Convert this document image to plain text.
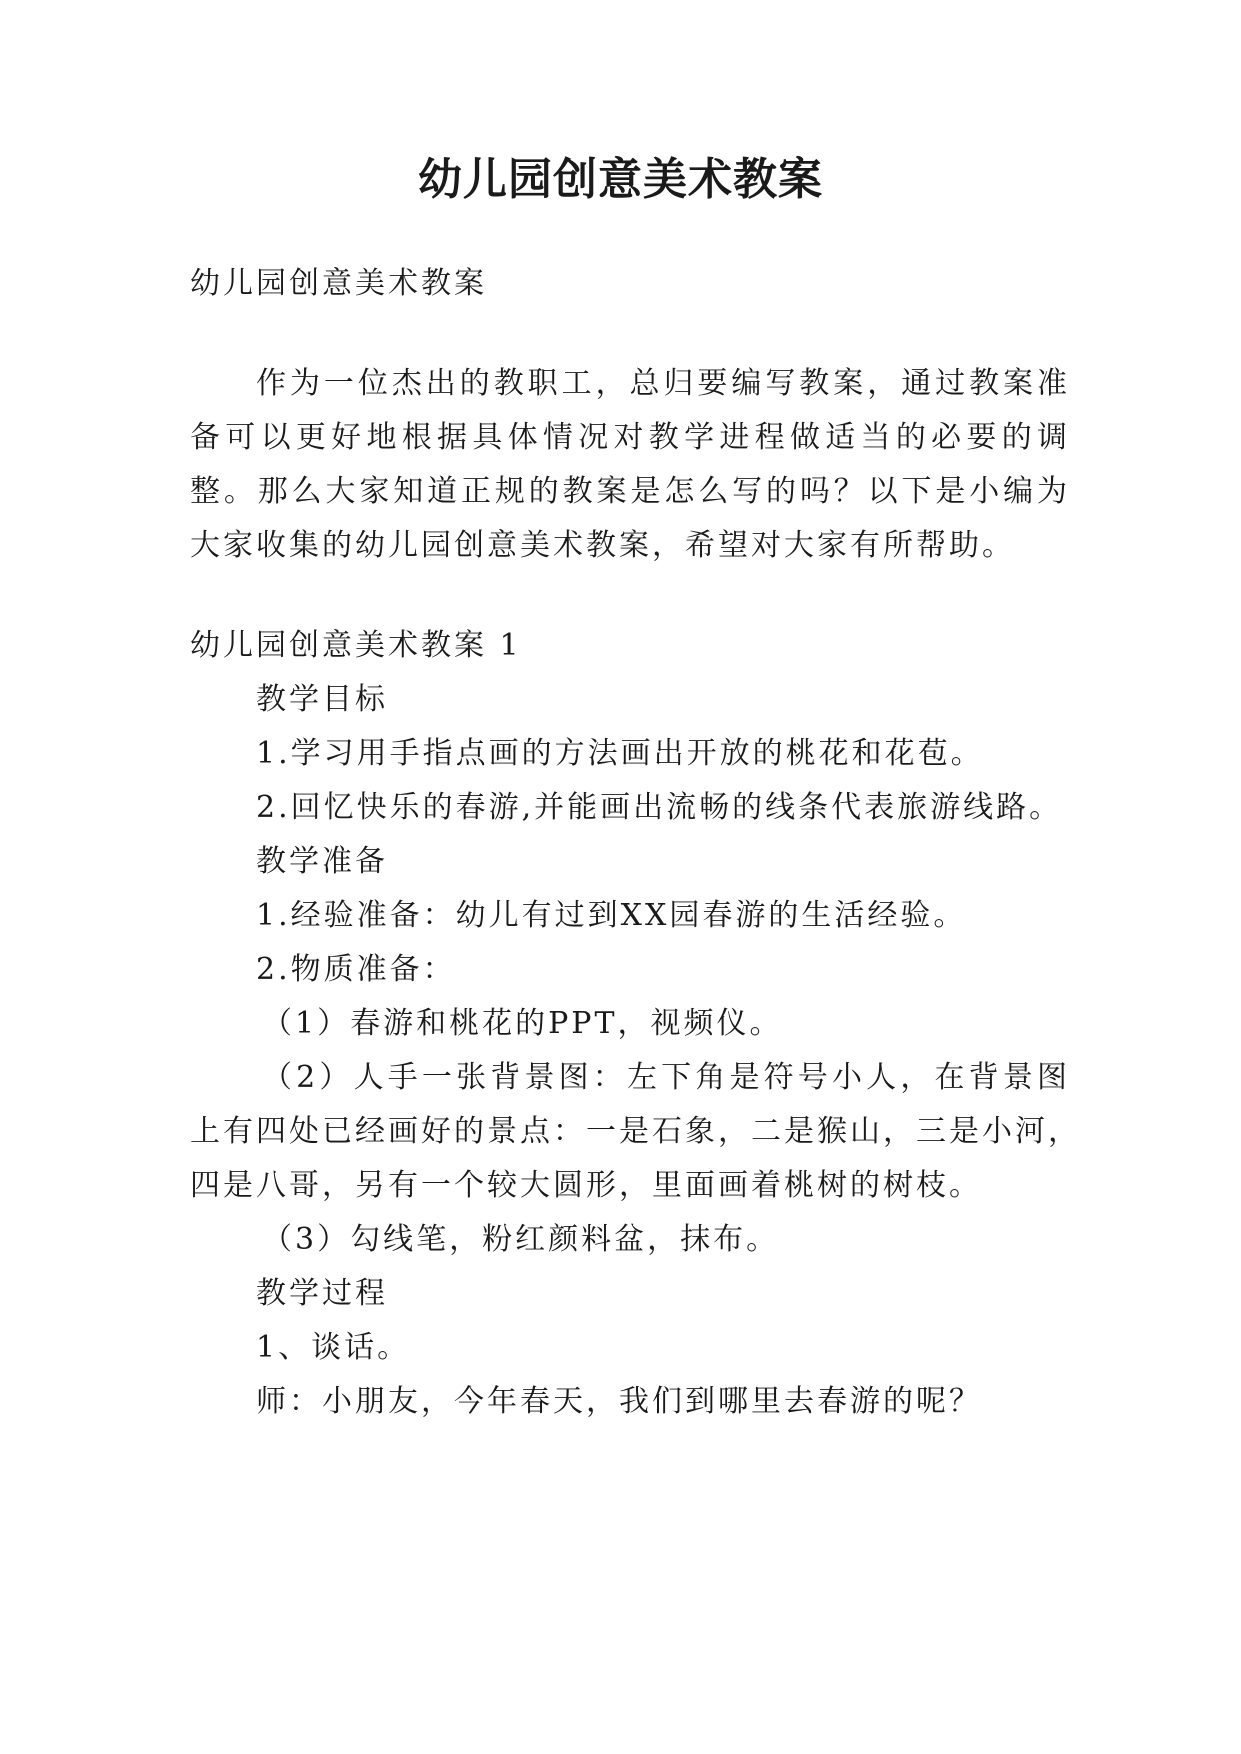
幼儿园创意美术教案
幼儿园创意美术教案
作为一位杰出的教职工，总归要编写教案，通过教案准
备可以更好地根据具体情况对教学进程做适当的必要的调
整。那么大家知道正规的教案是怎么写的吗？以下是小编为
大家收集的幼儿园创意美术教案，希望对大家有所帮助。
幼儿园创意美术教案 1
教学目标
1.学习用手指点画的方法画出开放的桃花和花苞。
2.回忆快乐的春游,并能画出流畅的线条代表旅游线路。
教学准备
1.经验准备：幼儿有过到XX园春游的生活经验。
2.物质准备：
（1）春游和桃花的PPT，视频仪。
（2）人手一张背景图：左下角是符号小人，在背景图
上有四处已经画好的景点：一是石象，二是猴山，三是小河，
四是八哥，另有一个较大圆形，里面画着桃树的树枝。
（3）勾线笔，粉红颜料盆，抹布。
教学过程
1、谈话。
师：小朋友，今年春天，我们到哪里去春游的呢？
